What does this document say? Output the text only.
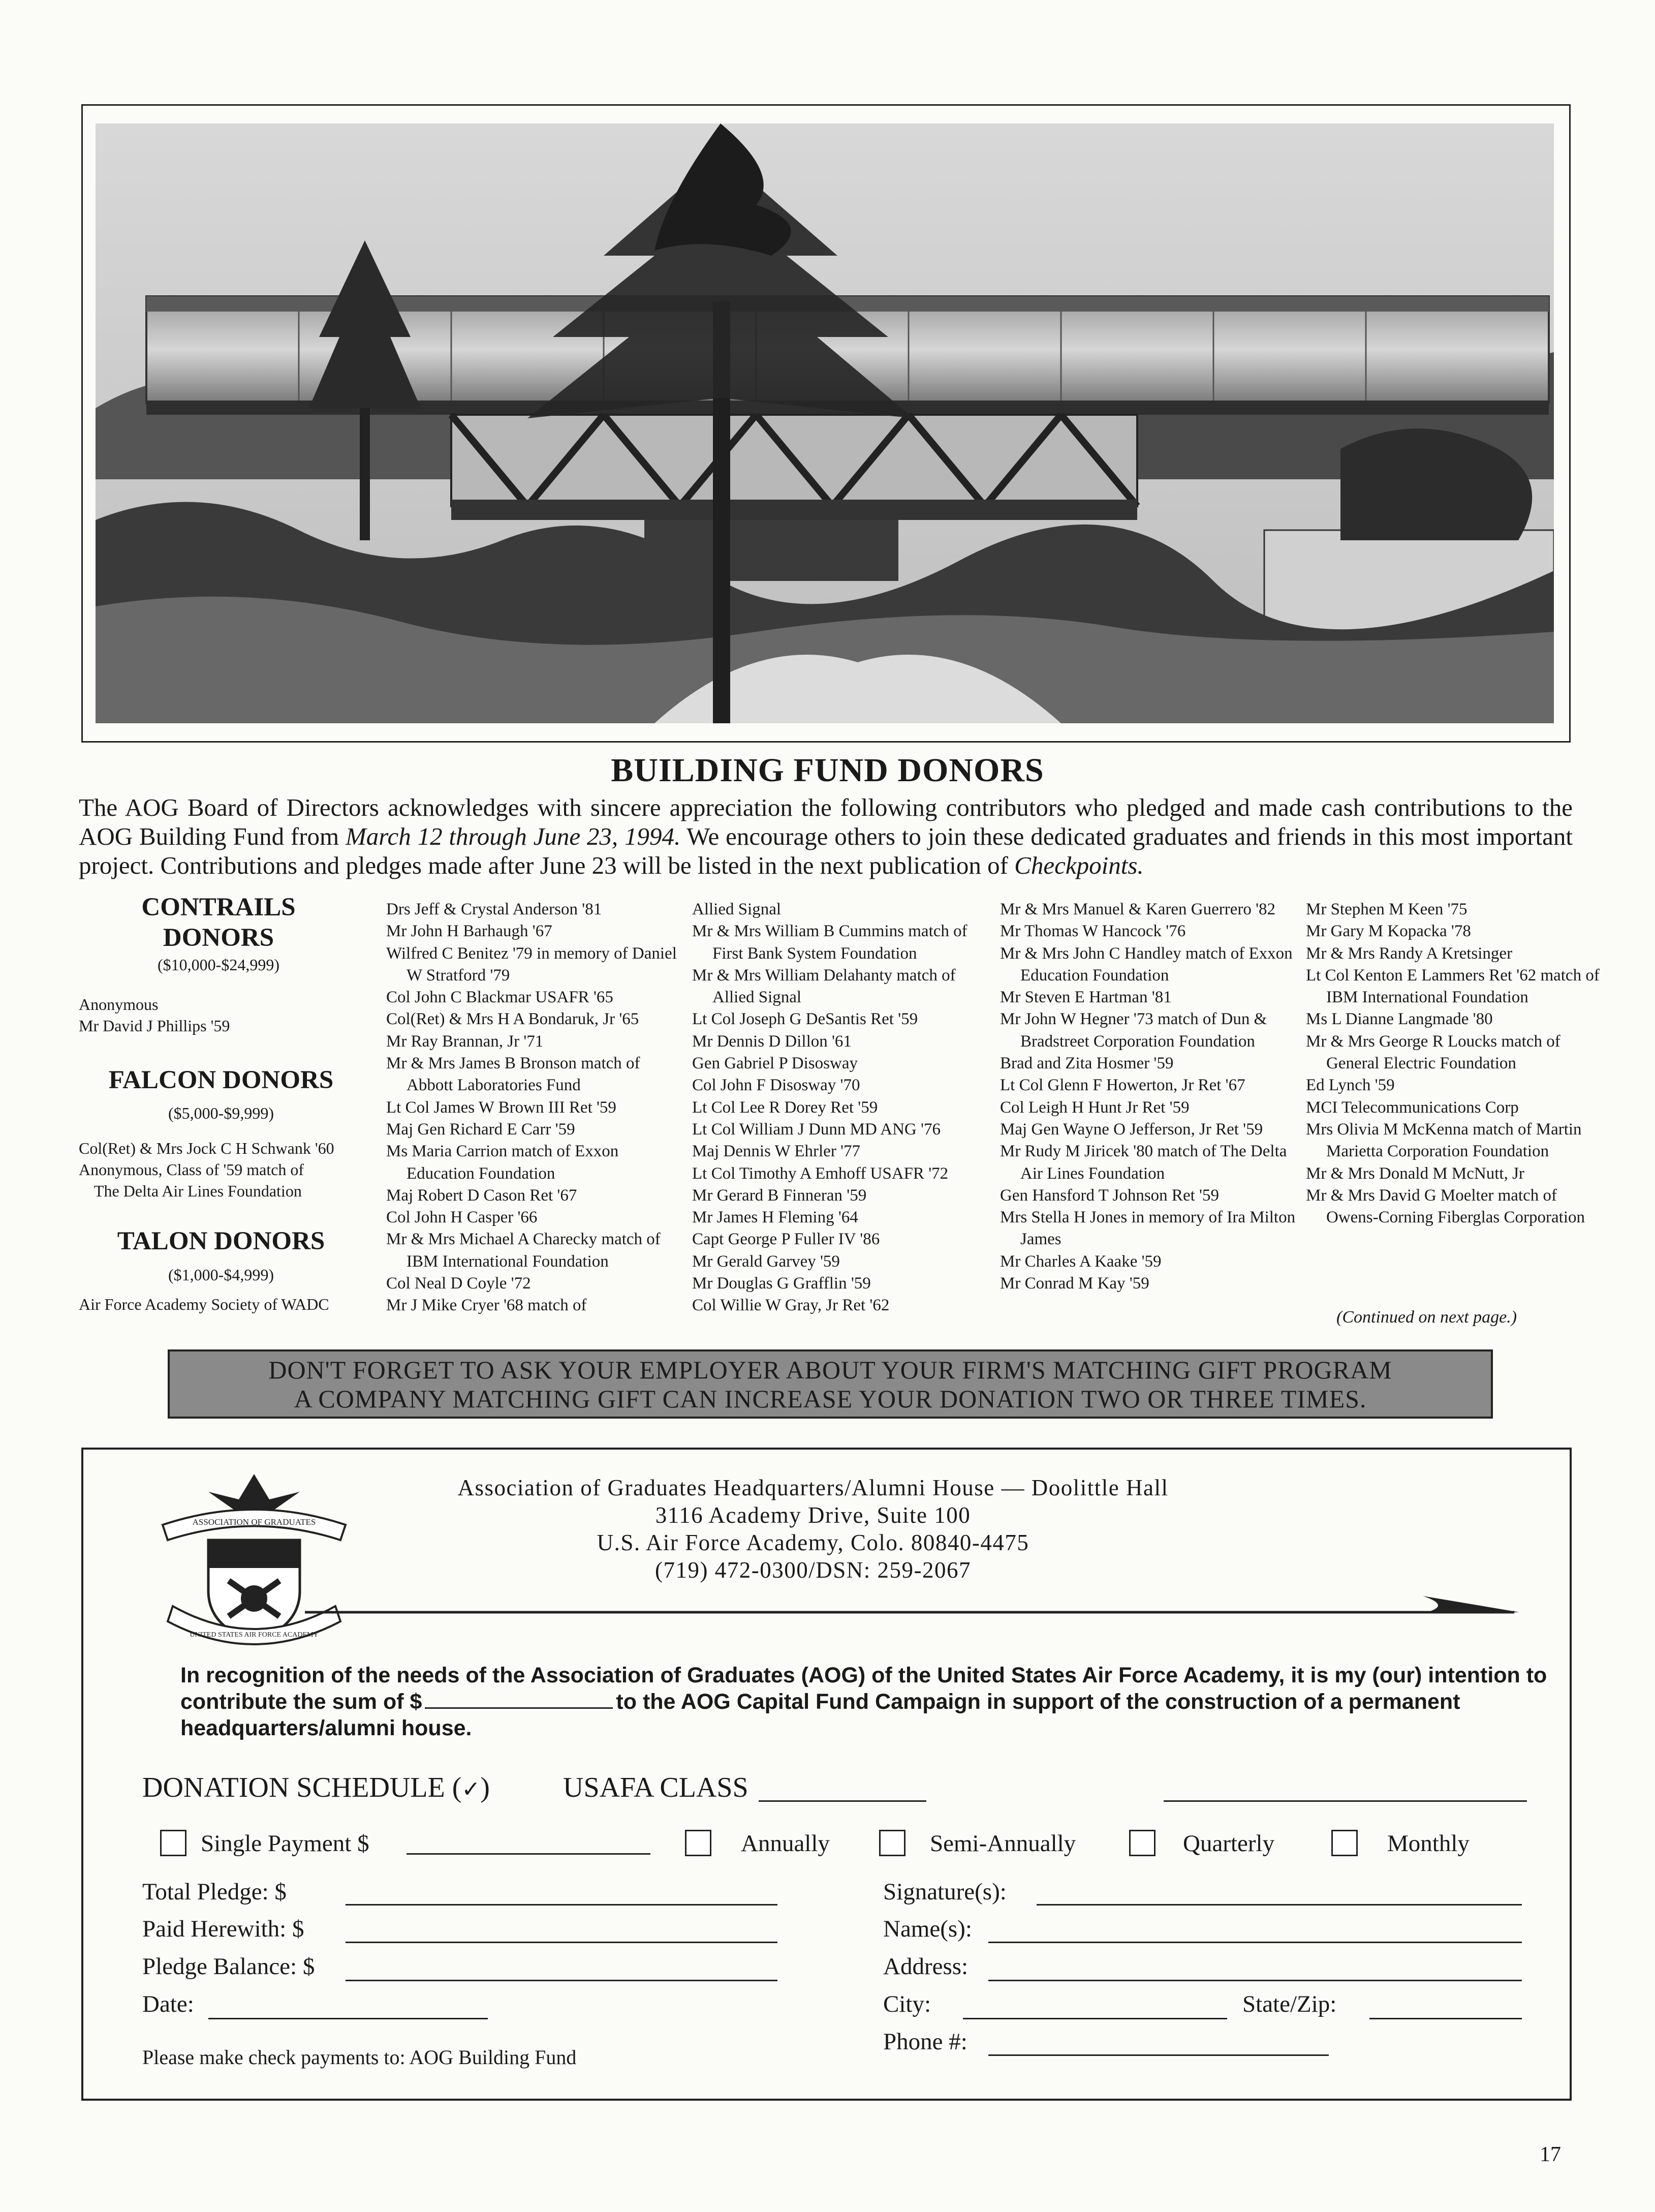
BUILDING FUND DONORS

The AOG Board of Directors acknowledges with sincere appreciation the following contributors who pledged and made cash contributions to the AOG Building Fund from March 12 through June 23, 1994. We encourage others to join these dedicated graduates and friends in this most important project. Contributions and pledges made after June 23 will be listed in the next publication of Checkpoints.

CONTRAILS
DONORS
($10,000-$24,999)
Anonymous
Mr David J Phillips '59
FALCON DONORS
($5,000-$9,999)
Col(Ret) & Mrs Jock C H Schwank '60
Anonymous, Class of '59 match of
The Delta Air Lines Foundation
TALON DONORS
($1,000-$4,999)
Air Force Academy Society of WADC
Drs Jeff & Crystal Anderson '81
Mr John H Barhaugh '67
Wilfred C Benitez '79 in memory of Daniel W Stratford '79
Col John C Blackmar USAFR '65
Col(Ret) & Mrs H A Bondaruk, Jr '65
Mr Ray Brannan, Jr '71
Mr & Mrs James B Bronson match of Abbott Laboratories Fund
Lt Col James W Brown III Ret '59
Maj Gen Richard E Carr '59
Ms Maria Carrion match of Exxon Education Foundation
Maj Robert D Cason Ret '67
Col John H Casper '66
Mr & Mrs Michael A Charecky match of IBM International Foundation
Col Neal D Coyle '72
Mr J Mike Cryer '68 match of
Allied Signal
Mr & Mrs William B Cummins match of First Bank System Foundation
Mr & Mrs William Delahanty match of Allied Signal
Lt Col Joseph G DeSantis Ret '59
Mr Dennis D Dillon '61
Gen Gabriel P Disosway
Col John F Disosway '70
Lt Col Lee R Dorey Ret '59
Lt Col William J Dunn MD ANG '76
Maj Dennis W Ehrler '77
Lt Col Timothy A Emhoff USAFR '72
Mr Gerard B Finneran '59
Mr James H Fleming '64
Capt George P Fuller IV '86
Mr Gerald Garvey '59
Mr Douglas G Grafflin '59
Col Willie W Gray, Jr Ret '62
Mr & Mrs Manuel & Karen Guerrero '82
Mr Thomas W Hancock '76
Mr & Mrs John C Handley match of Exxon Education Foundation
Mr Steven E Hartman '81
Mr John W Hegner '73 match of Dun & Bradstreet Corporation Foundation
Brad and Zita Hosmer '59
Lt Col Glenn F Howerton, Jr Ret '67
Col Leigh H Hunt Jr Ret '59
Maj Gen Wayne O Jefferson, Jr Ret '59
Mr Rudy M Jiricek '80 match of The Delta Air Lines Foundation
Gen Hansford T Johnson Ret '59
Mrs Stella H Jones in memory of Ira Milton James
Mr Charles A Kaake '59
Mr Conrad M Kay '59
Mr Stephen M Keen '75
Mr Gary M Kopacka '78
Mr & Mrs Randy A Kretsinger
Lt Col Kenton E Lammers Ret '62 match of IBM International Foundation
Ms L Dianne Langmade '80
Mr & Mrs George R Loucks match of General Electric Foundation
Ed Lynch '59
MCI Telecommunications Corp
Mrs Olivia M McKenna match of Martin Marietta Corporation Foundation
Mr & Mrs Donald M McNutt, Jr
Mr & Mrs David G Moelter match of Owens-Corning Fiberglas Corporation
(Continued on next page.)
DON'T FORGET TO ASK YOUR EMPLOYER ABOUT YOUR FIRM'S MATCHING GIFT PROGRAM
A COMPANY MATCHING GIFT CAN INCREASE YOUR DONATION TWO OR THREE TIMES.
ASSOCIATION OF GRADUATES
UNITED STATES AIR FORCE ACADEMY
Association of Graduates Headquarters/Alumni House — Doolittle Hall
3116 Academy Drive, Suite 100
U.S. Air Force Academy, Colo. 80840-4475
(719) 472-0300/DSN: 259-2067
In recognition of the needs of the Association of Graduates (AOG) of the United States Air Force Academy, it is my (our) intention to contribute the sum of $	to the AOG Capital Fund Campaign in support of the construction of a permanent headquarters/alumni house.
DONATION SCHEDULE (✓)	USAFA CLASS
Single Payment $	Annually	Semi-Annually	Quarterly	Monthly
Total Pledge: $
Paid Herewith: $
Pledge Balance: $
Date:
Please make check payments to: AOG Building Fund
Signature(s):
Name(s):
Address:
City:	State/Zip:
Phone #:
17
